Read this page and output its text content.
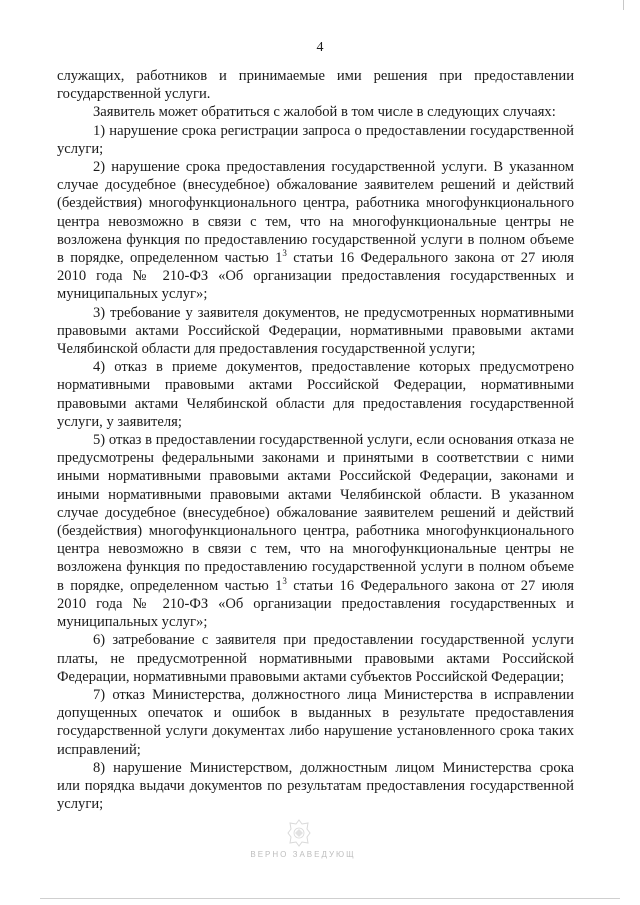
4

служащих, работников и принимаемые ими решения при предоставлении государственной услуги.

Заявитель может обратиться с жалобой в том числе в следующих случаях:

1) нарушение срока регистрации запроса о предоставлении государственной услуги;

2) нарушение срока предоставления государственной услуги. В указанном случае досудебное (внесудебное) обжалование заявителем решений и действий (бездействия) многофункционального центра, работника многофункционального центра невозможно в связи с тем, что на многофункциональные центры не возложена функция по предоставлению государственной услуги в полном объеме в порядке, определенном частью $1^3$ статьи 16 Федерального закона от 27 июля 2010 года № 210-ФЗ «Об организации предоставления государственных и муниципальных услуг»;

3) требование у заявителя документов, не предусмотренных нормативными правовыми актами Российской Федерации, нормативными правовыми актами Челябинской области для предоставления государственной услуги;

4) отказ в приеме документов, предоставление которых предусмотрено нормативными правовыми актами Российской Федерации, нормативными правовыми актами Челябинской области для предоставления государственной услуги, у заявителя;

5) отказ в предоставлении государственной услуги, если основания отказа не предусмотрены федеральными законами и принятыми в соответствии с ними иными нормативными правовыми актами Российской Федерации, законами и иными нормативными правовыми актами Челябинской области. В указанном случае досудебное (внесудебное) обжалование заявителем решений и действий (бездействия) многофункционального центра, работника многофункционального центра невозможно в связи с тем, что на многофункциональные центры не возложена функция по предоставлению государственной услуги в полном объеме в порядке, определенном частью $1^3$ статьи 16 Федерального закона от 27 июля 2010 года № 210-ФЗ «Об организации предоставления государственных и муниципальных услуг»;

6) затребование с заявителя при предоставлении государственной услуги платы, не предусмотренной нормативными правовыми актами Российской Федерации, нормативными правовыми актами субъектов Российской Федерации;

7) отказ Министерства, должностного лица Министерства в исправлении допущенных опечаток и ошибок в выданных в результате предоставления государственной услуги документах либо нарушение установленного срока таких исправлений;

8) нарушение Министерством, должностным лицом Министерства срока или порядка выдачи документов по результатам предоставления государственной услуги;

ВЕРНО ЗАВЕДУЮЩ
